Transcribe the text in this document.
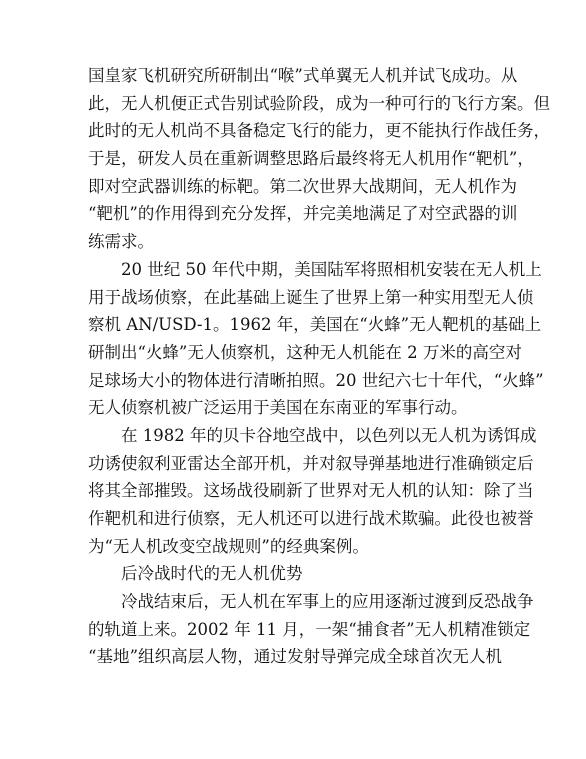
国皇家飞机研究所研制出“喉”式单翼无人机并试飞成功。从
此，无人机便正式告别试验阶段，成为一种可行的飞行方案。但
此时的无人机尚不具备稳定飞行的能力，更不能执行作战任务，
于是，研发人员在重新调整思路后最终将无人机用作“靶机”，
即对空武器训练的标靶。第二次世界大战期间，无人机作为
“靶机”的作用得到充分发挥，并完美地满足了对空武器的训
练需求。
20 世纪 50 年代中期，美国陆军将照相机安装在无人机上
用于战场侦察，在此基础上诞生了世界上第一种实用型无人侦
察机 AN/USD-1。1962 年，美国在“火蜂”无人靶机的基础上
研制出“火蜂”无人侦察机，这种无人机能在 2 万米的高空对
足球场大小的物体进行清晰拍照。20 世纪六七十年代，“火蜂”
无人侦察机被广泛运用于美国在东南亚的军事行动。
在 1982 年的贝卡谷地空战中，以色列以无人机为诱饵成
功诱使叙利亚雷达全部开机，并对叙导弹基地进行准确锁定后
将其全部摧毁。这场战役刷新了世界对无人机的认知：除了当
作靶机和进行侦察，无人机还可以进行战术欺骗。此役也被誉
为“无人机改变空战规则”的经典案例。
后冷战时代的无人机优势
冷战结束后，无人机在军事上的应用逐渐过渡到反恐战争
的轨道上来。2002 年 11 月，一架“捕食者”无人机精准锁定
“基地”组织高层人物，通过发射导弹完成全球首次无人机
